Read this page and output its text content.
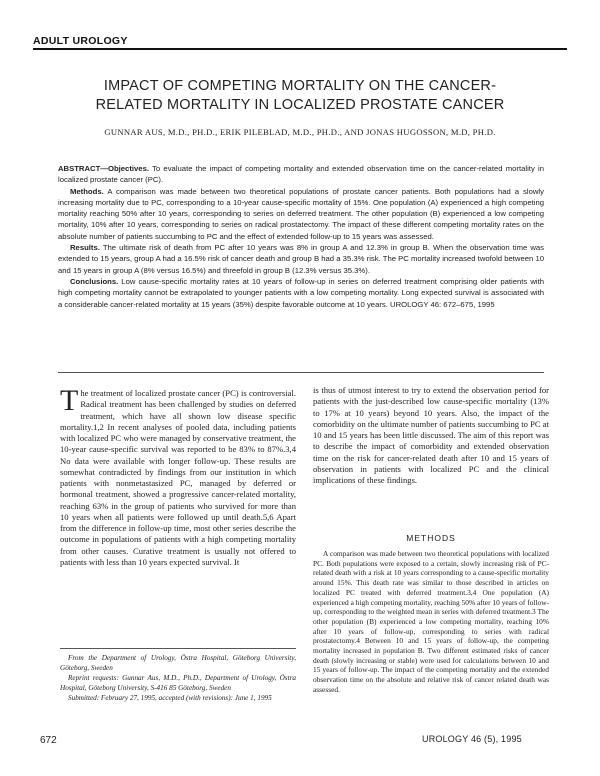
ADULT UROLOGY
IMPACT OF COMPETING MORTALITY ON THE CANCER-
RELATED MORTALITY IN LOCALIZED PROSTATE CANCER
GUNNAR AUS, M.D., PH.D., ERIK PILEBLAD, M.D., PH.D., AND JONAS HUGOSSON, M.D, PH.D.

ABSTRACT—Objectives. To evaluate the impact of competing mortality and extended observation time on the cancer-related mortality in localized prostate cancer (PC).

Methods. A comparison was made between two theoretical populations of prostate cancer patients. Both populations had a slowly increasing mortality due to PC, corresponding to a 10-year cause-specific mortality of 15%. One population (A) experienced a high competing mortality reaching 50% after 10 years, corresponding to series on deferred treatment. The other population (B) experienced a low competing mortality, 10% after 10 years, corresponding to series on radical prostatectomy. The impact of these different competing mortality rates on the absolute number of patients succumbing to PC and the effect of extended follow-up to 15 years was assessed.

Results. The ultimate risk of death from PC after 10 years was 8% in group A and 12.3% in group B. When the observation time was extended to 15 years, group A had a 16.5% risk of cancer death and group B had a 35.3% risk. The PC mortality increased twofold between 10 and 15 years in group A (8% versus 16.5%) and threefold in group B (12.3% versus 35.3%).

Conclusions. Low cause-specific mortality rates at 10 years of follow-up in series on deferred treatment comprising older patients with high competing mortality cannot be extrapolated to younger patients with a low competing mortality. Long expected survival is associated with a considerable cancer-related mortality at 15 years (35%) despite favorable outcome at 10 years. UROLOGY 46: 672–675, 1995

The treatment of localized prostate cancer (PC) is controversial. Radical treatment has been challenged by studies on deferred treatment, which have all shown low disease specific mortality.1,2 In recent analyses of pooled data, including patients with localized PC who were managed by conservative treatment, the 10-year cause-specific survival was reported to be 83% to 87%.3,4 No data were available with longer follow-up. These results are somewhat contradicted by findings from our institution in which patients with nonmetastasized PC, managed by deferred or hormonal treatment, showed a progressive cancer-related mortality, reaching 63% in the group of patients who survived for more than 10 years when all patients were followed up until death.5,6 Apart from the difference in follow-up time, most other series describe the outcome in populations of patients with a high competing mortality from other causes. Curative treatment is usually not offered to patients with less than 10 years expected survival. It

is thus of utmost interest to try to extend the observation period for patients with the just-described low cause-specific mortality (13% to 17% at 10 years) beyond 10 years. Also, the impact of the comorbidity on the ultimate number of patients succumbing to PC at 10 and 15 years has been little discussed. The aim of this report was to describe the impact of comorbidity and extended observation time on the risk for cancer-related death after 10 and 15 years of observation in patients with localized PC and the clinical implications of these findings.

METHODS
A comparison was made between two theoretical populations with localized PC. Both populations were exposed to a certain, slowly increasing risk of PC-related death with a risk at 10 years corresponding to a cause-specific mortality around 15%. This death rate was similar to those described in articles on localized PC treated with deferred treatment.3,4 One population (A) experienced a high competing mortality, reaching 50% after 10 years of follow-up, corresponding to the weighted mean in series with deferred treatment.3 The other population (B) experienced a low competing mortality, reaching 10% after 10 years of follow-up, corresponding to series with radical prostatectomy.4 Between 10 and 15 years of follow-up, the competing mortality increased in population B. Two different estimated risks of cancer death (slowly increasing or stable) were used for calculations between 10 and 15 years of follow-up. The impact of the competing mortality and the extended observation time on the absolute and relative risk of cancer related death was assessed.

From the Department of Urology, Östra Hospital, Göteborg University, Göteborg, Sweden

Reprint requests: Gunnar Aus, M.D., Ph.D., Department of Urology, Östra Hospital, Göteborg University, S-416 85 Göteborg, Sweden

Submitted: February 27, 1995, accepted (with revisions): June 1, 1995

672	UROLOGY 46 (5), 1995
